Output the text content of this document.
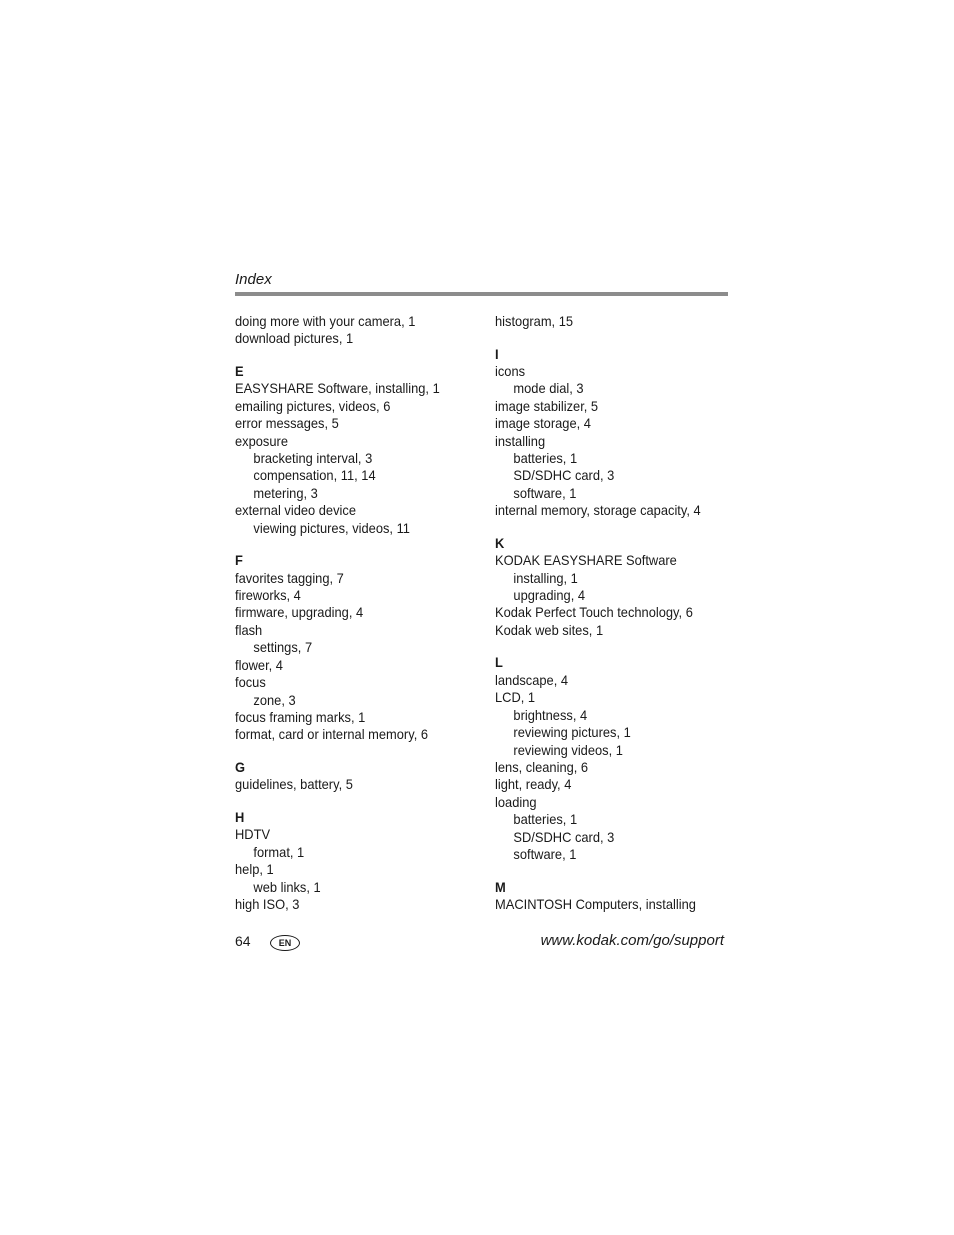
Index
doing more with your camera, 1
download pictures, 1
E
EASYSHARE Software, installing, 1
emailing pictures, videos, 6
error messages, 5
exposure
bracketing interval, 3
compensation, 11, 14
metering, 3
external video device
viewing pictures, videos, 11
F
favorites tagging, 7
fireworks, 4
firmware, upgrading, 4
flash
settings, 7
flower, 4
focus
zone, 3
focus framing marks, 1
format, card or internal memory, 6
G
guidelines, battery, 5
H
HDTV
format, 1
help, 1
web links, 1
high ISO, 3
histogram, 15
I
icons
mode dial, 3
image stabilizer, 5
image storage, 4
installing
batteries, 1
SD/SDHC card, 3
software, 1
internal memory, storage capacity, 4
K
KODAK EASYSHARE Software
installing, 1
upgrading, 4
Kodak Perfect Touch technology, 6
Kodak web sites, 1
L
landscape, 4
LCD, 1
brightness, 4
reviewing pictures, 1
reviewing videos, 1
lens, cleaning, 6
light, ready, 4
loading
batteries, 1
SD/SDHC card, 3
software, 1
M
MACINTOSH Computers, installing
64	EN	www.kodak.com/go/support
